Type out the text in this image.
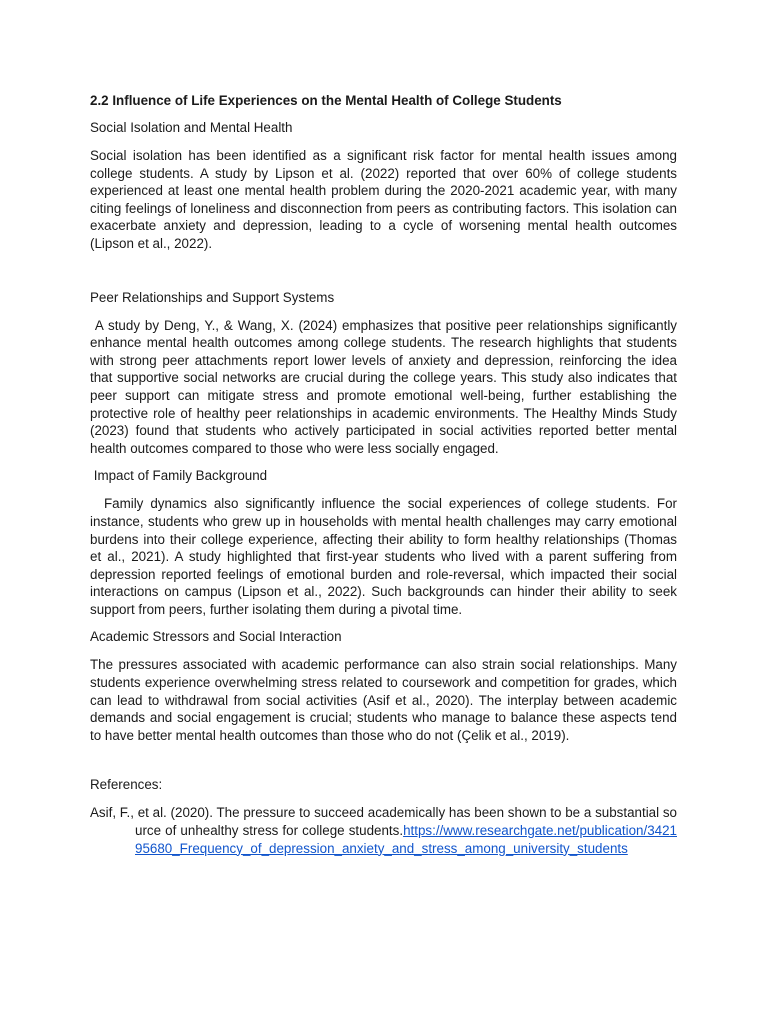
2.2 Influence of Life Experiences on the Mental Health of College Students
Social Isolation and Mental Health

Social isolation has been identified as a significant risk factor for mental health issues among college students. A study by Lipson et al. (2022) reported that over 60% of college students experienced at least one mental health problem during the 2020-2021 academic year, with many citing feelings of loneliness and disconnection from peers as contributing factors. This isolation can exacerbate anxiety and depression, leading to a cycle of worsening mental health outcomes (Lipson et al., 2022).

Peer Relationships and Support Systems

A study by Deng, Y., & Wang, X. (2024) emphasizes that positive peer relationships significantly enhance mental health outcomes among college students. The research highlights that students with strong peer attachments report lower levels of anxiety and depression, reinforcing the idea that supportive social networks are crucial during the college years. This study also indicates that peer support can mitigate stress and promote emotional well-being, further establishing the protective role of healthy peer relationships in academic environments. The Healthy Minds Study (2023) found that students who actively participated in social activities reported better mental health outcomes compared to those who were less socially engaged.

Impact of Family Background

Family dynamics also significantly influence the social experiences of college students. For instance, students who grew up in households with mental health challenges may carry emotional burdens into their college experience, affecting their ability to form healthy relationships (Thomas et al., 2021). A study highlighted that first-year students who lived with a parent suffering from depression reported feelings of emotional burden and role-reversal, which impacted their social interactions on campus (Lipson et al., 2022). Such backgrounds can hinder their ability to seek support from peers, further isolating them during a pivotal time.

Academic Stressors and Social Interaction

The pressures associated with academic performance can also strain social relationships. Many students experience overwhelming stress related to coursework and competition for grades, which can lead to withdrawal from social activities (Asif et al., 2020). The interplay between academic demands and social engagement is crucial; students who manage to balance these aspects tend to have better mental health outcomes than those who do not (Çelik et al., 2019).

References:

Asif, F., et al. (2020). The pressure to succeed academically has been shown to be a substantial source of unhealthy stress for college students.https://www.researchgate.net/publication/342195680_Frequency_of_depression_anxiety_and_stress_among_university_students
